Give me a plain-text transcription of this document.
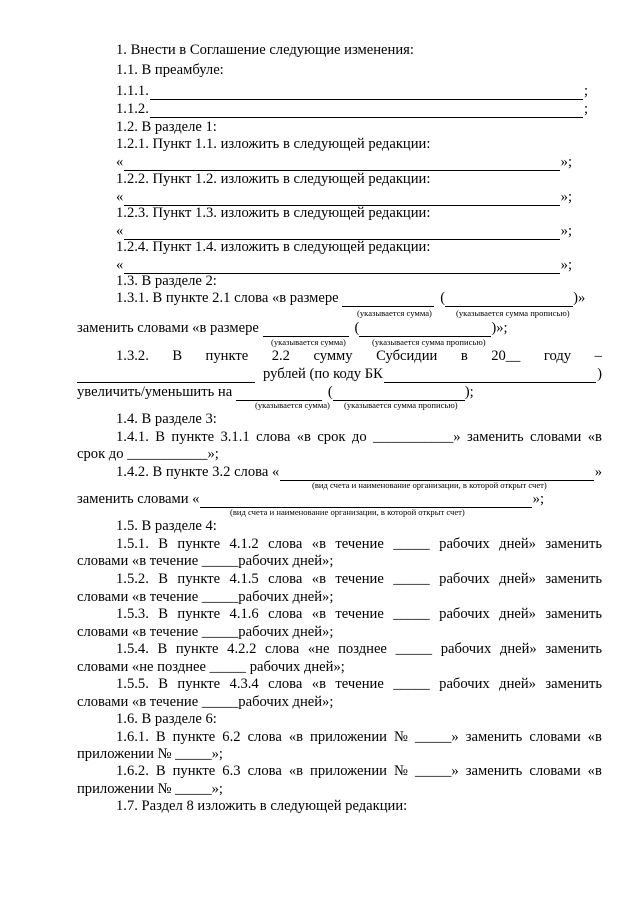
1. Внести в Соглашение следующие изменения:
1.1. В преамбуле:
1.1.1.	;
1.1.2.	;
1.2. В разделе 1:
1.2.1. Пункт 1.1. изложить в следующей редакции:
«	»;
1.2.2. Пункт 1.2. изложить в следующей редакции:
«	»;
1.2.3. Пункт 1.3. изложить в следующей редакции:
«	»;
1.2.4. Пункт 1.4. изложить в следующей редакции:
«	»;
1.3. В разделе 2:
1.3.1. В пункте 2.1 слова «в размере	(	)»
(указывается сумма)	(указывается сумма прописью)
заменить словами «в размере	(	)»;
(указывается сумма)	(указывается сумма прописью)
1.3.2. В пункте 2.2 сумму Субсидии в 20__ году –
рублей (по коду БК	)
увеличить/уменьшить на	(	);
(указывается сумма) (указывается сумма прописью)
1.4. В разделе 3:
1.4.1. В пункте 3.1.1 слова «в срок до ___________» заменить словами «в
срок до ___________»;
1.4.2. В пункте 3.2 слова «	»
(вид счета и наименование организации, в которой открыт счет)
заменить словами «	»;
(вид счета и наименование организации, в которой открыт счет)
1.5. В разделе 4:
1.5.1. В пункте 4.1.2 слова «в течение _____ рабочих дней» заменить
словами «в течение _____рабочих дней»;
1.5.2. В пункте 4.1.5 слова «в течение _____ рабочих дней» заменить
словами «в течение _____рабочих дней»;
1.5.3. В пункте 4.1.6 слова «в течение _____ рабочих дней» заменить
словами «в течение _____рабочих дней»;
1.5.4. В пункте 4.2.2 слова «не позднее _____ рабочих дней» заменить
словами «не позднее _____ рабочих дней»;
1.5.5. В пункте 4.3.4 слова «в течение _____ рабочих дней» заменить
словами «в течение _____рабочих дней»;
1.6. В разделе 6:
1.6.1. В пункте 6.2 слова «в приложении № _____» заменить словами «в
приложении № _____»;
1.6.2. В пункте 6.3 слова «в приложении № _____» заменить словами «в
приложении № _____»;
1.7. Раздел 8 изложить в следующей редакции:
